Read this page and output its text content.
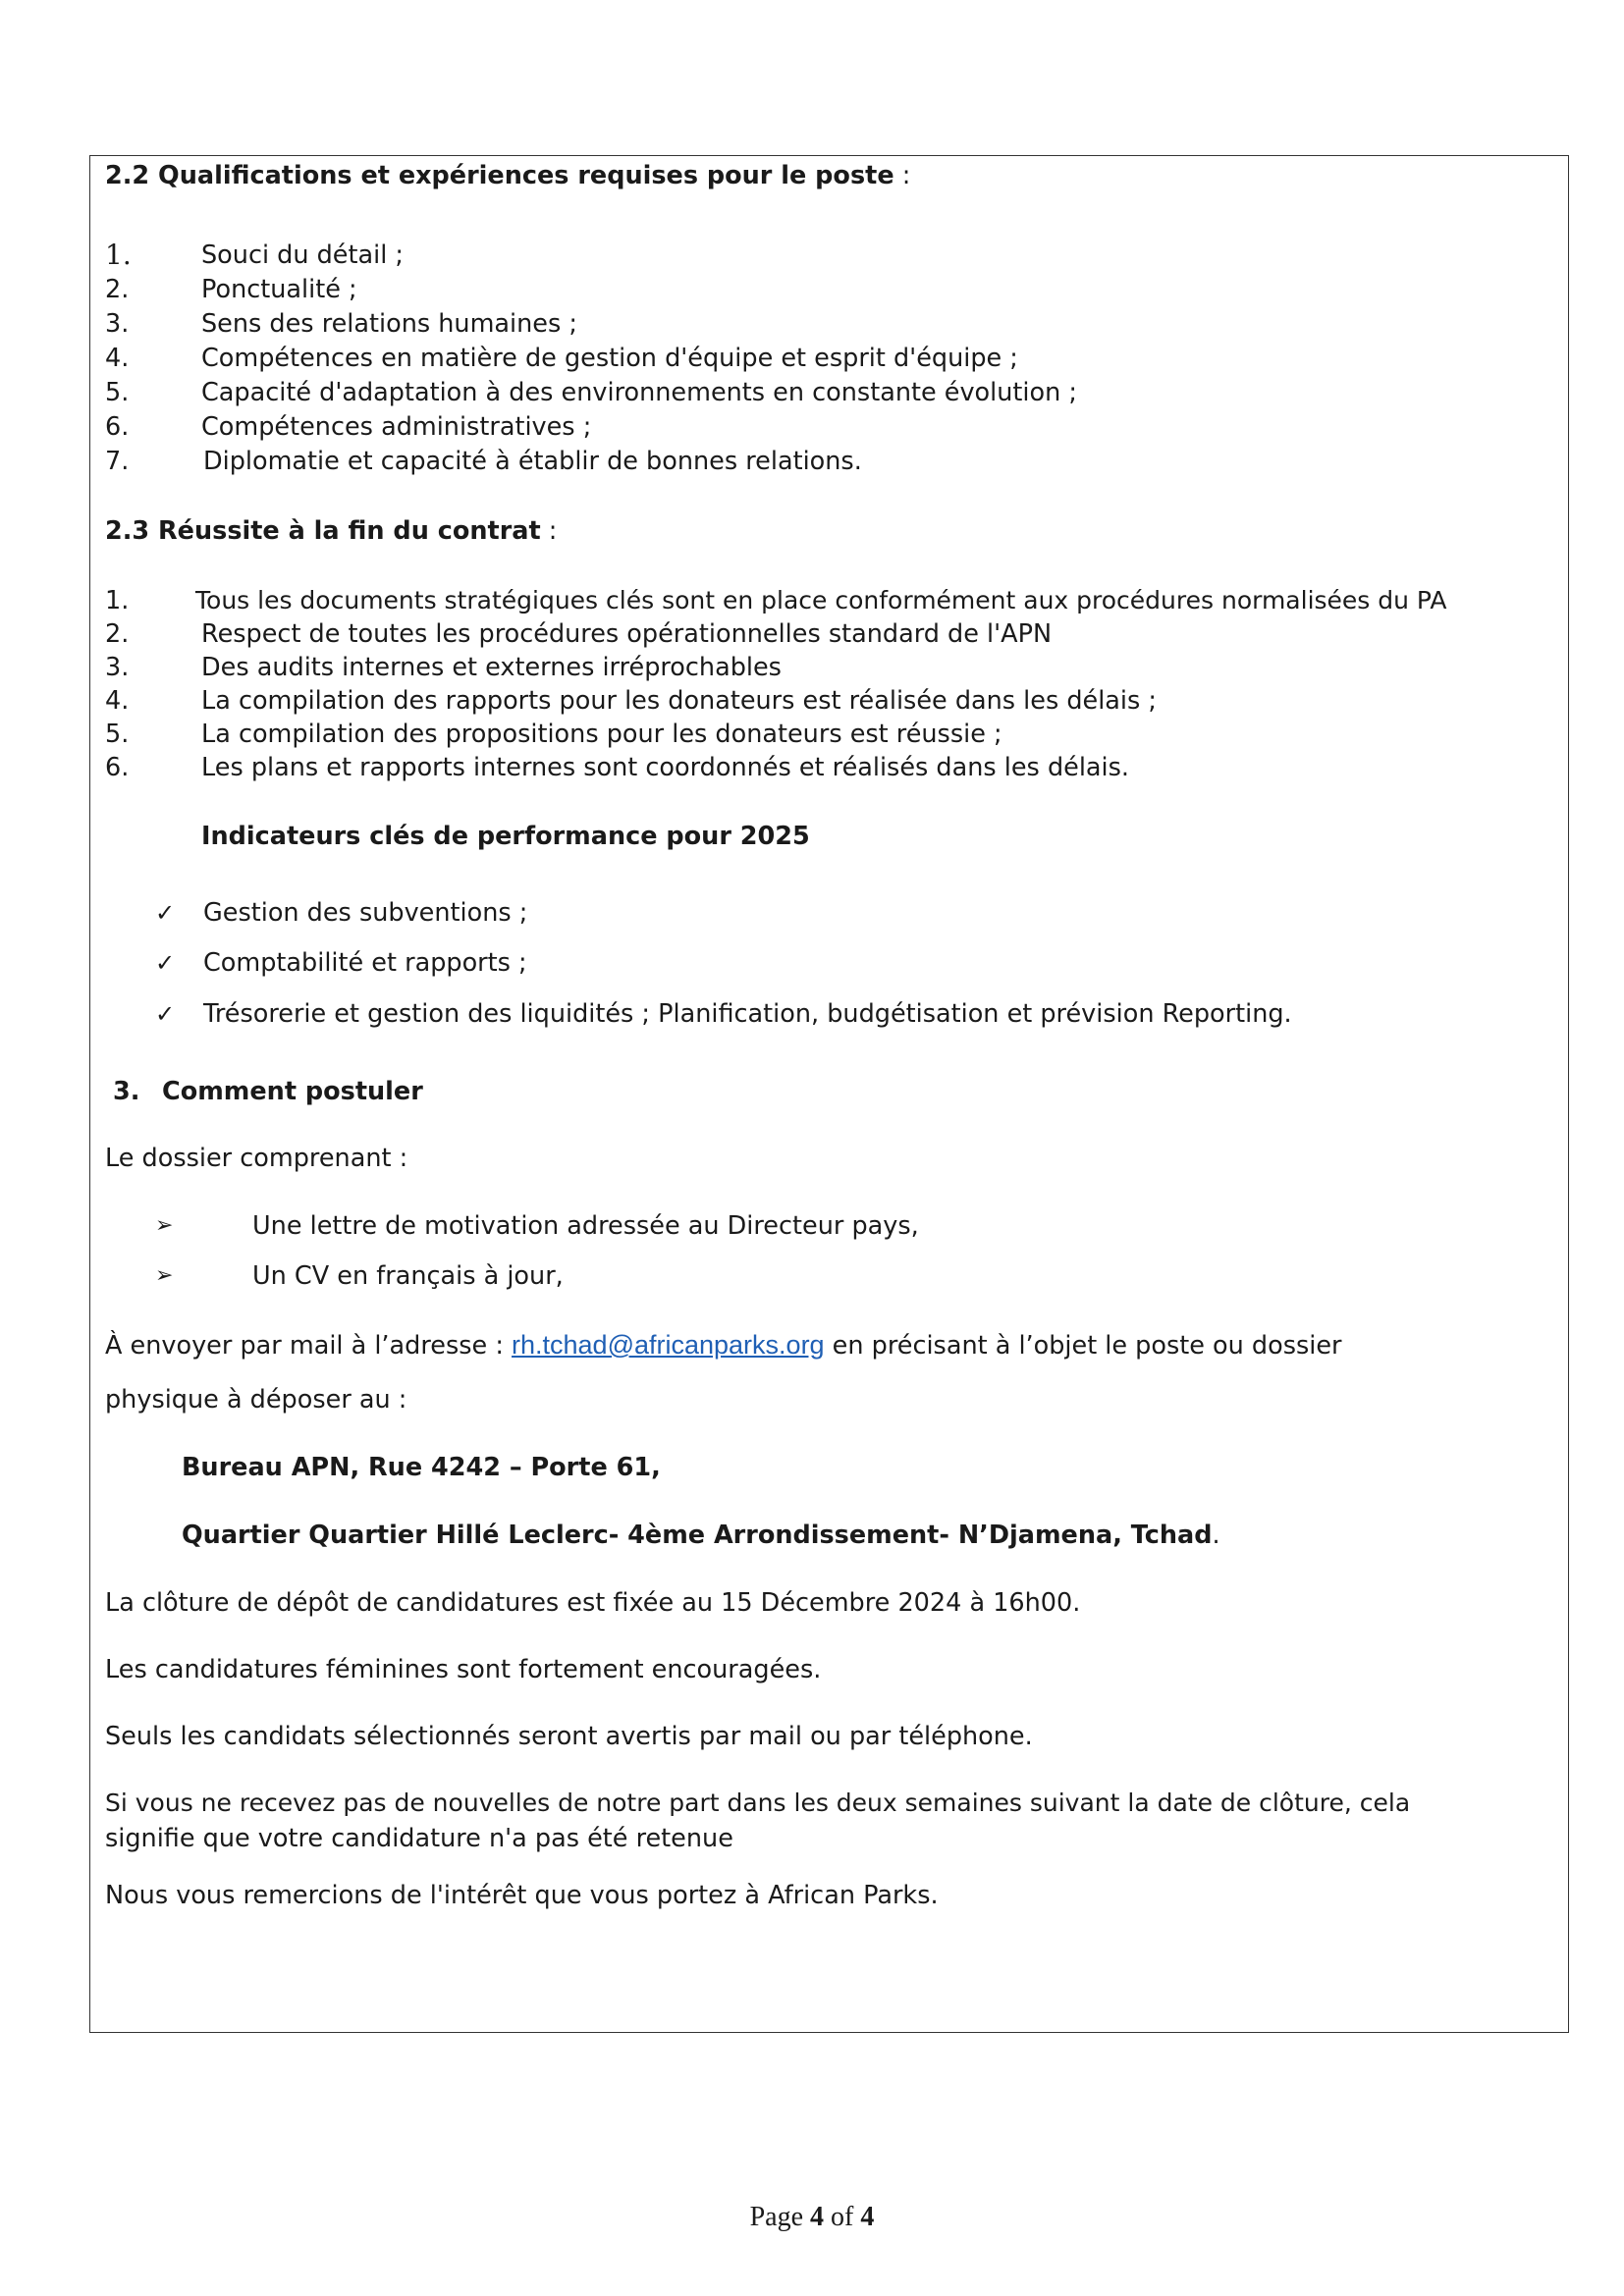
2.2 Qualifications et expériences requises pour le poste :
1.	Souci du détail ;
2.	Ponctualité ;
3.	Sens des relations humaines ;
4.	Compétences en matière de gestion d'équipe et esprit d'équipe ;
5.	Capacité d'adaptation à des environnements en constante évolution ;
6.	Compétences administratives ;
7.	Diplomatie et capacité à établir de bonnes relations.
2.3 Réussite à la fin du contrat :
1.	Tous les documents stratégiques clés sont en place conformément aux procédures normalisées du PA
2.	Respect de toutes les procédures opérationnelles standard de l'APN
3.	Des audits internes et externes irréprochables
4.	La compilation des rapports pour les donateurs est réalisée dans les délais ;
5.	La compilation des propositions pour les donateurs est réussie ;
6.	Les plans et rapports internes sont coordonnés et réalisés dans les délais.
Indicateurs clés de performance pour 2025
✓ Gestion des subventions ;
✓ Comptabilité et rapports ;
✓ Trésorerie et gestion des liquidités ; Planification, budgétisation et prévision Reporting.
3. Comment postuler
Le dossier comprenant :
➢	Une lettre de motivation adressée au Directeur pays,
➢	Un CV en français à jour,
À envoyer par mail à l’adresse : rh.tchad@africanparks.org en précisant à l’objet le poste ou dossier
physique à déposer au :
Bureau APN, Rue 4242 – Porte 61,
Quartier Quartier Hillé Leclerc- 4ème Arrondissement- N’Djamena, Tchad.
La clôture de dépôt de candidatures est fixée au 15 Décembre 2024 à 16h00.
Les candidatures féminines sont fortement encouragées.
Seuls les candidats sélectionnés seront avertis par mail ou par téléphone.
Si vous ne recevez pas de nouvelles de notre part dans les deux semaines suivant la date de clôture, cela
signifie que votre candidature n'a pas été retenue
Nous vous remercions de l'intérêt que vous portez à African Parks.
Page 4 of 4
